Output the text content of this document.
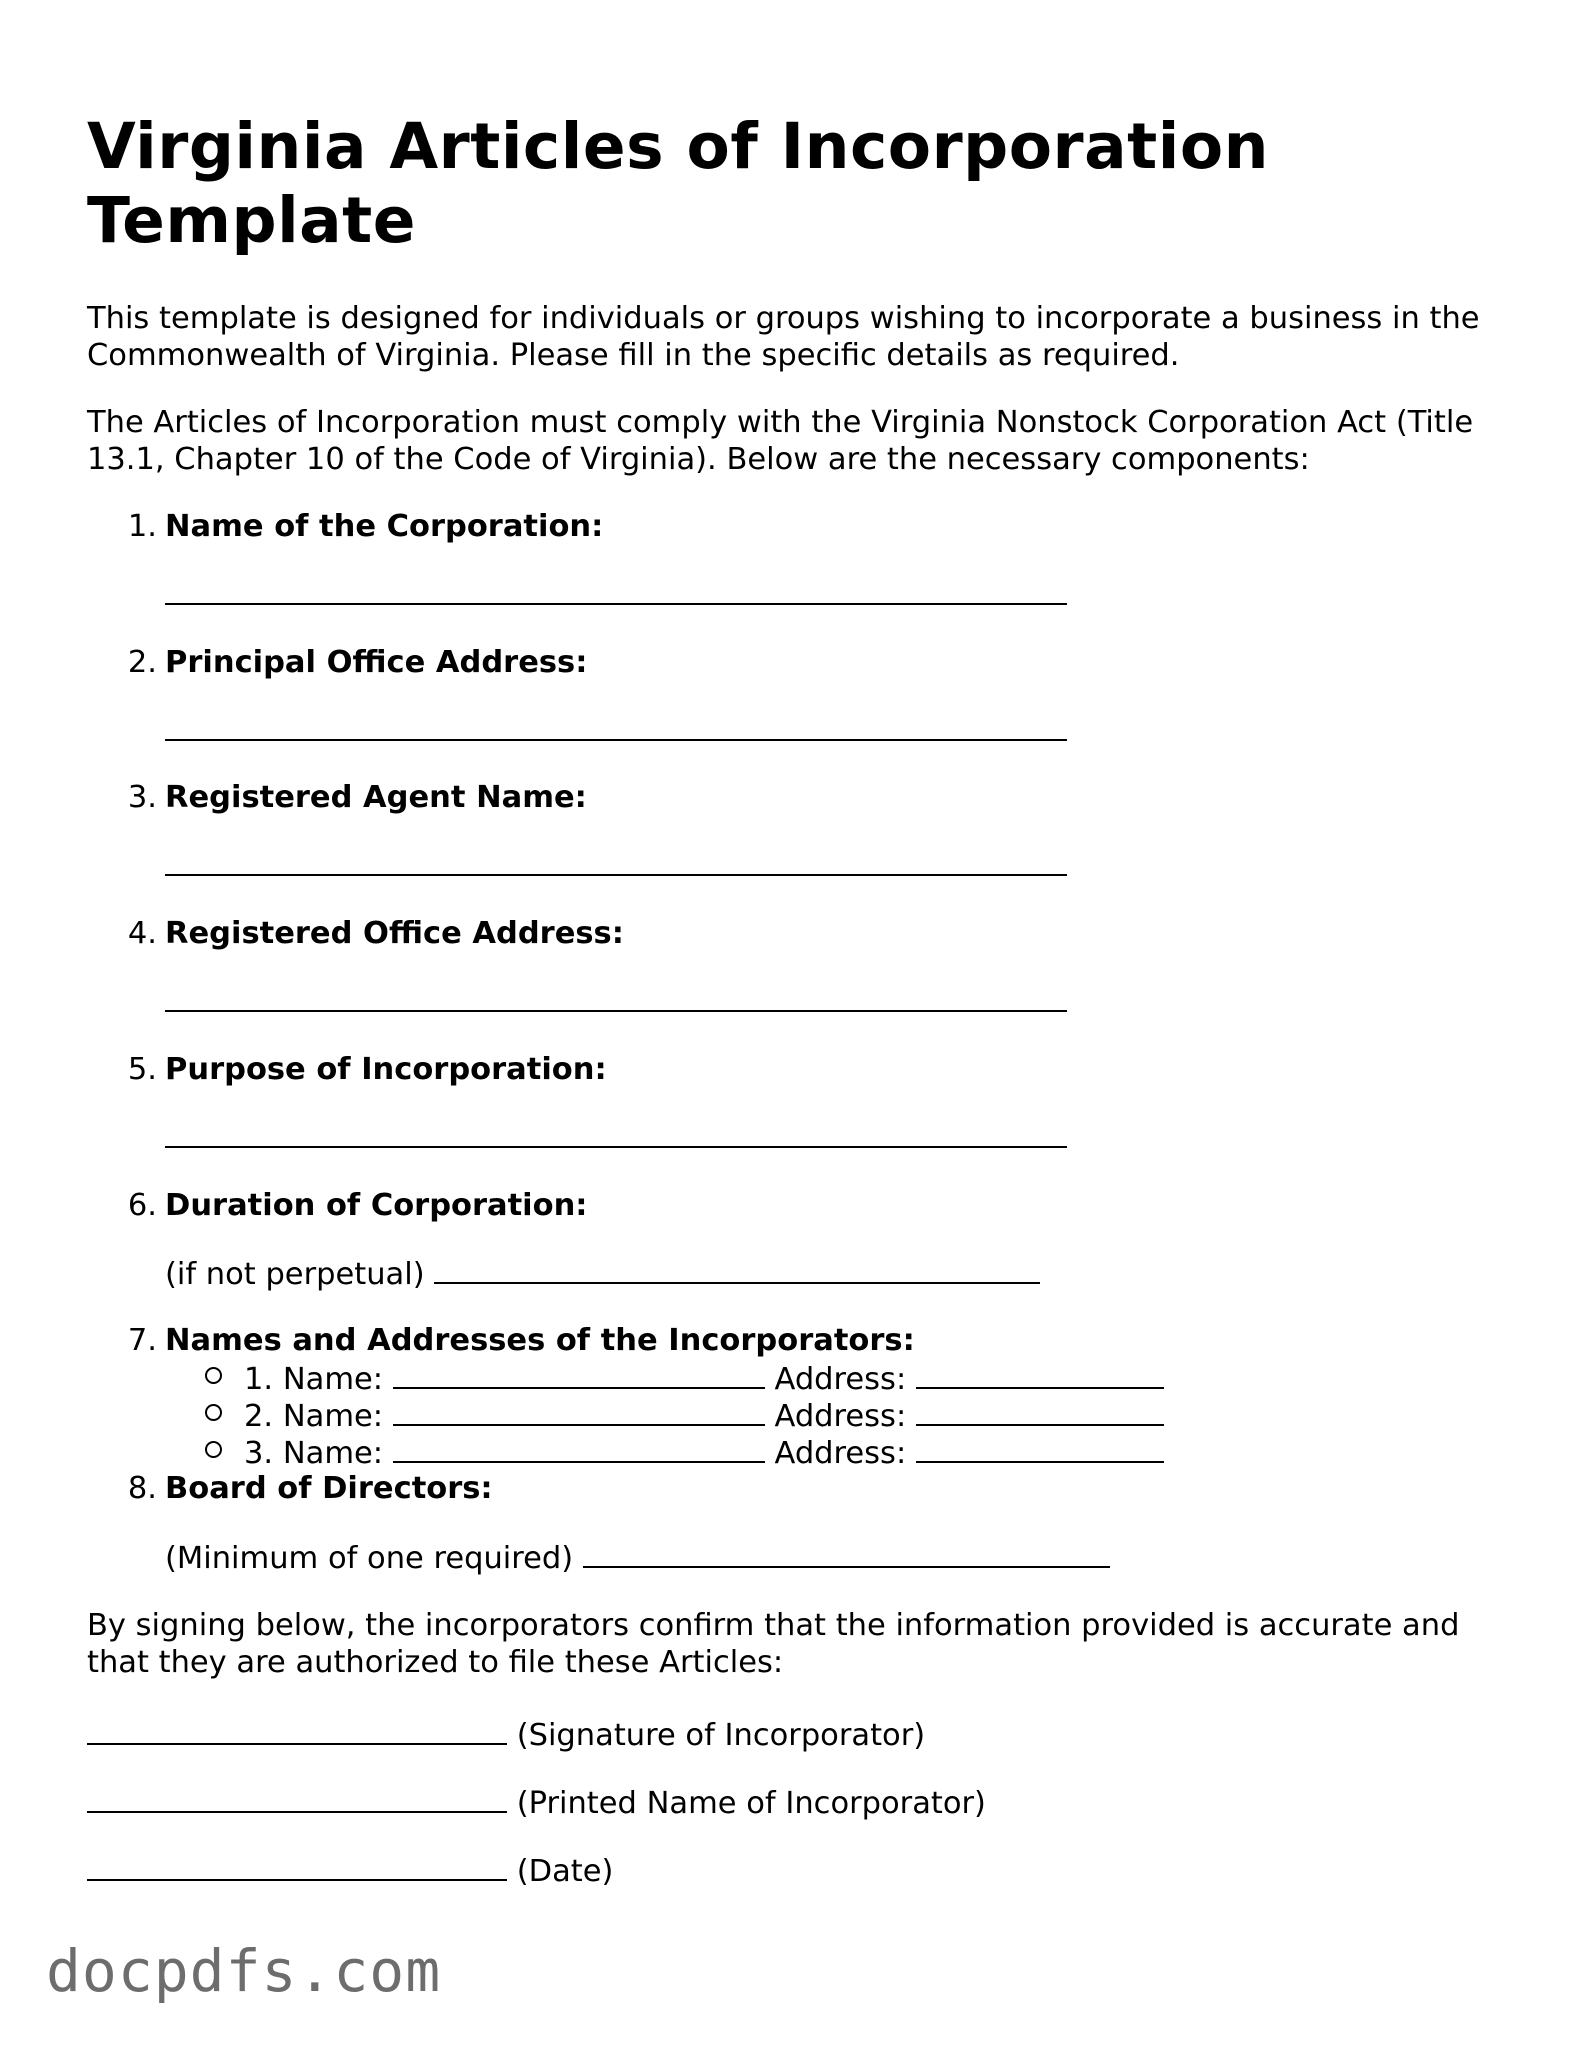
Virginia Articles of Incorporation Template

This template is designed for individuals or groups wishing to incorporate a business in the Commonwealth of Virginia. Please fill in the specific details as required.

The Articles of Incorporation must comply with the Virginia Nonstock Corporation Act (Title 13.1, Chapter 10 of the Code of Virginia). Below are the necessary components:

1. Name of the Corporation:
2. Principal Office Address:
3. Registered Agent Name:
4. Registered Office Address:
5. Purpose of Incorporation:
6. Duration of Corporation:
(if not perpetual)
7. Names and Addresses of the Incorporators:
1. Name:	Address:
2. Name:	Address:
3. Name:	Address:
8. Board of Directors:
(Minimum of one required)

By signing below, the incorporators confirm that the information provided is accurate and that they are authorized to file these Articles:

(Signature of Incorporator)
(Printed Name of Incorporator)
(Date)
docpdfs.com
